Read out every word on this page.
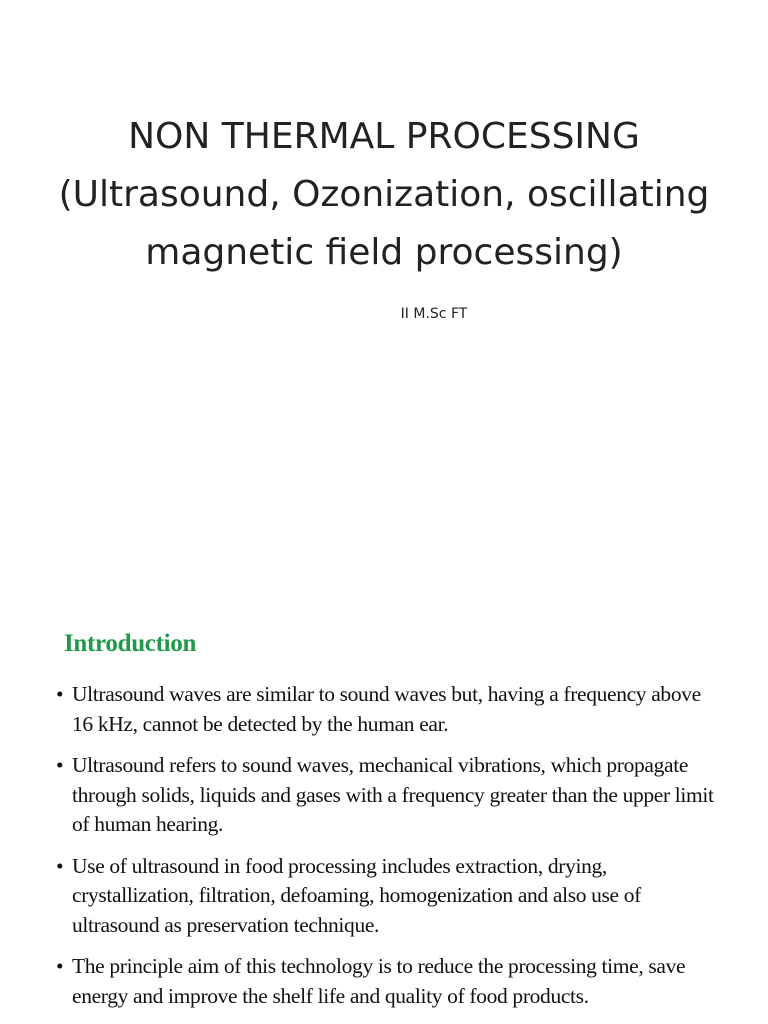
NON THERMAL PROCESSING
(Ultrasound, Ozonization, oscillating
magnetic field processing)
II M.Sc FT
Introduction
• Ultrasound waves are similar to sound waves but, having a frequency above 16 kHz, cannot be detected by the human ear.
• Ultrasound refers to sound waves, mechanical vibrations, which propagate through solids, liquids and gases with a frequency greater than the upper limit of human hearing.
• Use of ultrasound in food processing includes extraction, drying, crystallization, filtration, defoaming, homogenization and also use of ultrasound as preservation technique.
• The principle aim of this technology is to reduce the processing time, save energy and improve the shelf life and quality of food products.
